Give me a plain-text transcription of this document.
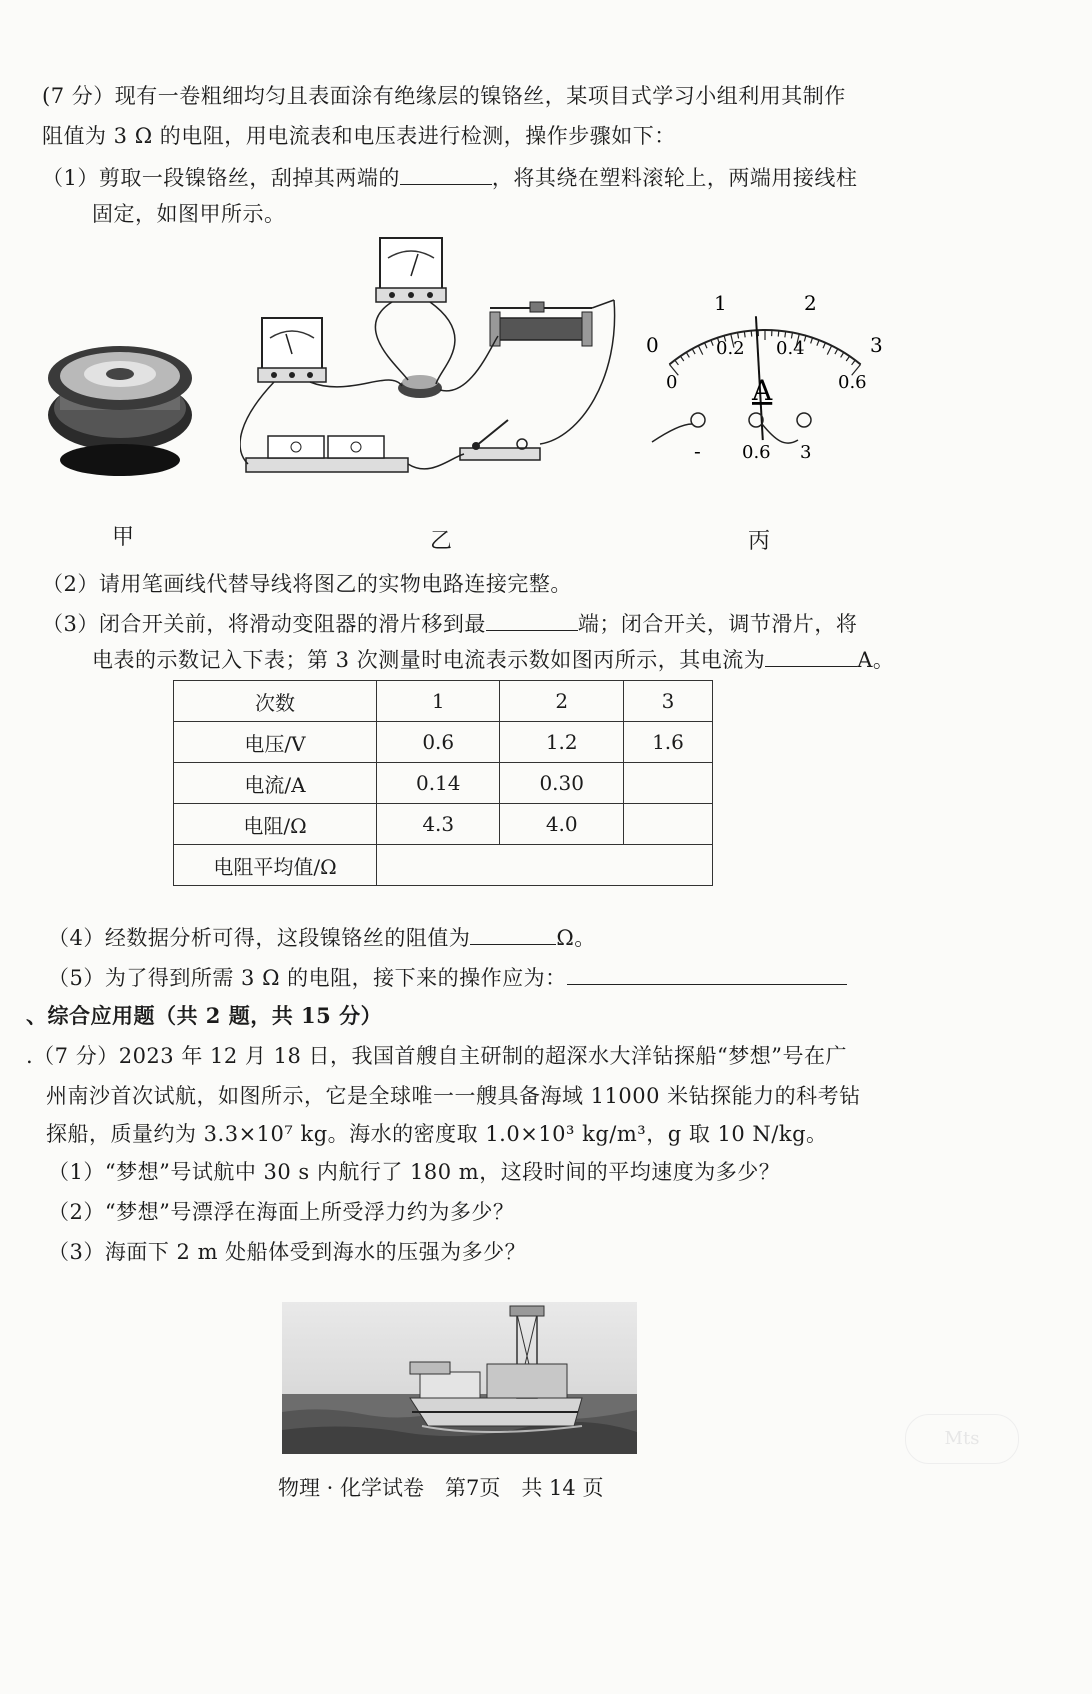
(7 分）现有一卷粗细均匀且表面涂有绝缘层的镍铬丝，某项目式学习小组利用其制作
阻值为 3 Ω 的电阻，用电流表和电压表进行检测，操作步骤如下：
（1）剪取一段镍铬丝，刮掉其两端的	，将其绕在塑料滚轮上，两端用接线柱
固定，如图甲所示。
甲	乙
0
1	2
3
0
0.2 0.4
0.6
A
- 0.6 3
丙
（2）请用笔画线代替导线将图乙的实物电路连接完整。
（3）闭合开关前，将滑动变阻器的滑片移到最	端；闭合开关，调节滑片，将
电表的示数记入下表；第 3 次测量时电流表示数如图丙所示，其电流为	A。
次数	1	2	3
电压/V	0.6	1.2	1.6
电流/A	0.14	0.30	
电阻/Ω	4.3	4.0	
电阻平均值/Ω			
（4）经数据分析可得，这段镍铬丝的阻值为	Ω。
（5）为了得到所需 3 Ω 的电阻，接下来的操作应为：
、综合应用题（共 2 题，共 15 分）
.（7 分）2023 年 12 月 18 日，我国首艘自主研制的超深水大洋钻探船“梦想”号在广
州南沙首次试航，如图所示，它是全球唯一一艘具备海域 11000 米钻探能力的科考钻
探船，质量约为 3.3×10⁷ kg。海水的密度取 1.0×10³ kg/m³，g 取 10 N/kg。
（1）“梦想”号试航中 30 s 内航行了 180 m，这段时间的平均速度为多少？
（2）“梦想”号漂浮在海面上所受浮力约为多少？
（3）海面下 2 m 处船体受到海水的压强为多少？
物理 · 化学试卷　第7页　共 14 页
Mts
